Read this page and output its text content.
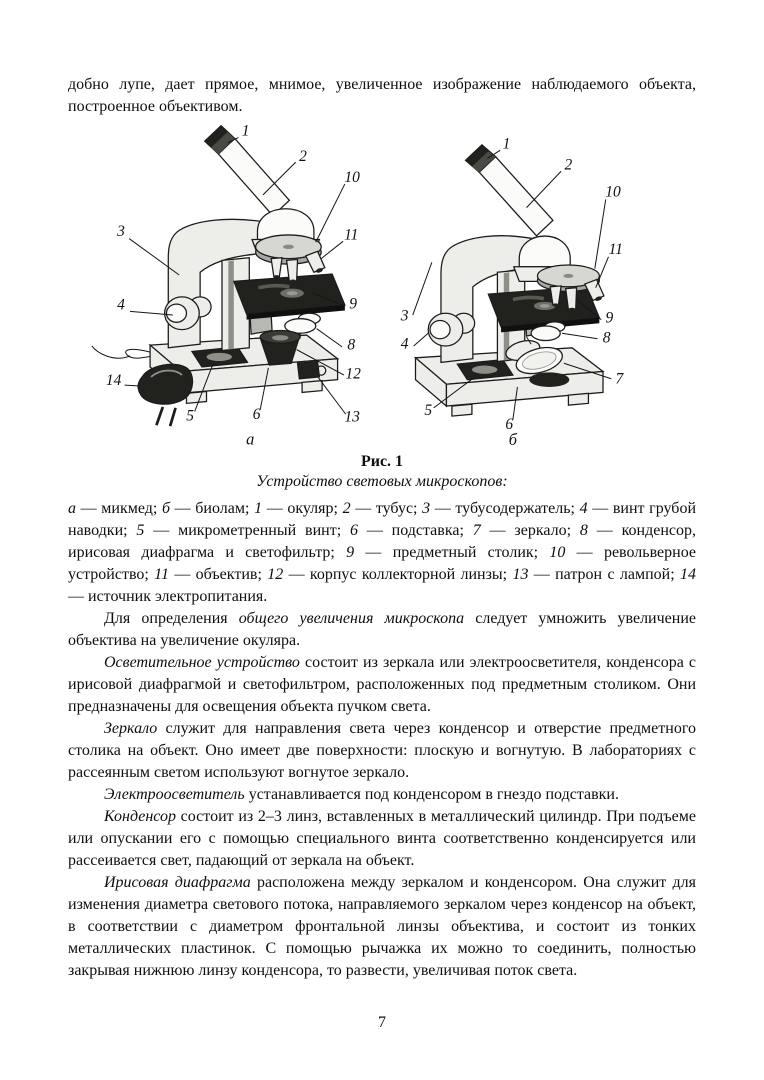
добно лупе, дает прямое, мнимое, увеличенное изображение наблюдаемого объекта, построенное объективом.

1
2
10
11
3
4	9
8
12
13
14
5	6
а
1
2
10
11
3
4
9
8
7
5
6
б
Рис. 1
Устройство световых микроскопов:

а — микмед; б — биолам; 1 — окуляр; 2 — тубус; 3 — тубусодержатель; 4 — винт грубой наводки; 5 — микрометренный винт; 6 — подставка; 7 — зеркало; 8 — конденсор, ирисовая диафрагма и светофильтр; 9 — предметный столик; 10 — револьверное устройство; 11 — объектив; 12 — корпус коллекторной линзы; 13 — патрон с лампой; 14 — источник электропитания.

Для определения общего увеличения микроскопа следует умножить увеличение объектива на увеличение окуляра.

Осветительное устройство состоит из зеркала или электроосветителя, конденсора с ирисовой диафрагмой и светофильтром, расположенных под предметным столиком. Они предназначены для освещения объекта пучком света.

Зеркало служит для направления света через конденсор и отверстие предметного столика на объект. Оно имеет две поверхности: плоскую и вогнутую. В лабораториях с рассеянным светом используют вогнутое зеркало.

Электроосветитель устанавливается под конденсором в гнездо подставки.

Конденсор состоит из 2–3 линз, вставленных в металлический цилиндр. При подъеме или опускании его с помощью специального винта соответственно конденсируется или рассеивается свет, падающий от зеркала на объект.

Ирисовая диафрагма расположена между зеркалом и конденсором. Она служит для изменения диаметра светового потока, направляемого зеркалом через конденсор на объект, в соответствии с диаметром фронтальной линзы объектива, и состоит из тонких металлических пластинок. С помощью рычажка их можно то соединить, полностью закрывая нижнюю линзу конденсора, то развести, увеличивая поток света.

7
